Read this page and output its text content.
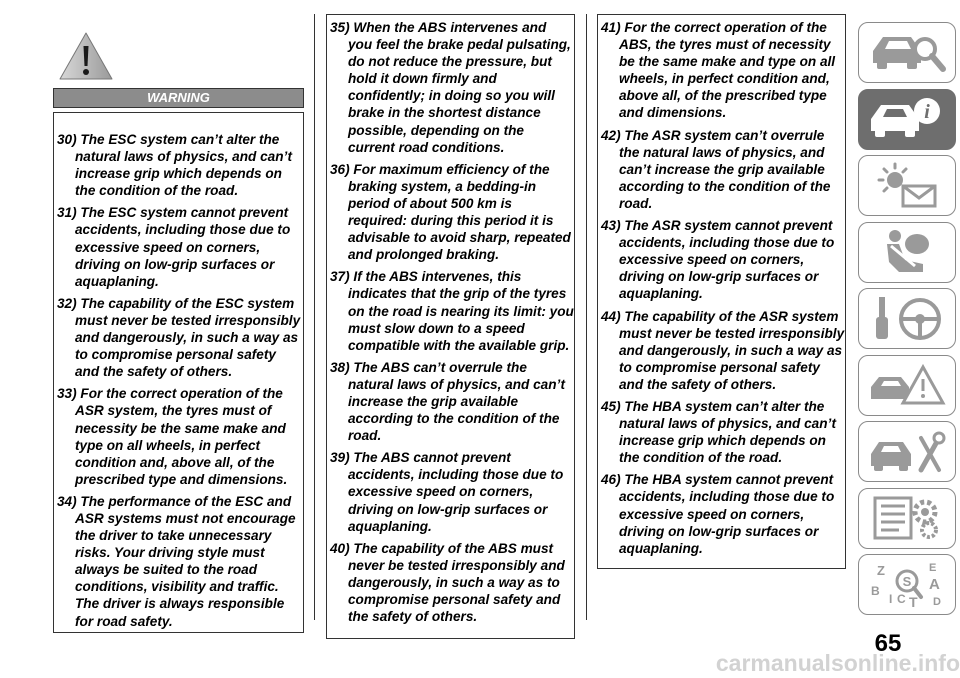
WARNING
30) The ESC system can’t alter the natural laws of physics, and can’t increase grip which depends on the condition of the road.
31) The ESC system cannot prevent accidents, including those due to excessive speed on corners, driving on low-grip surfaces or aquaplaning.
32) The capability of the ESC system must never be tested irresponsibly and dangerously, in such a way as to compromise personal safety and the safety of others.
33) For the correct operation of the ASR system, the tyres must of necessity be the same make and type on all wheels, in perfect condition and, above all, of the prescribed type and dimensions.
34) The performance of the ESC and ASR systems must not encourage the driver to take unnecessary risks. Your driving style must always be suited to the road conditions, visibility and traffic. The driver is always responsible for road safety.
35) When the ABS intervenes and you feel the brake pedal pulsating, do not reduce the pressure, but hold it down firmly and confidently; in doing so you will brake in the shortest distance possible, depending on the current road conditions.
36) For maximum efficiency of the braking system, a bedding-in period of about 500 km is required: during this period it is advisable to avoid sharp, repeated and prolonged braking.
37) If the ABS intervenes, this indicates that the grip of the tyres on the road is nearing its limit: you must slow down to a speed compatible with the available grip.
38) The ABS can’t overrule the natural laws of physics, and can’t increase the grip available according to the condition of the road.
39) The ABS cannot prevent accidents, including those due to excessive speed on corners, driving on low-grip surfaces or aquaplaning.
40) The capability of the ABS must never be tested irresponsibly and dangerously, in such a way as to compromise personal safety and the safety of others.
41) For the correct operation of the ABS, the tyres must of necessity be the same make and type on all wheels, in perfect condition and, above all, of the prescribed type and dimensions.
42) The ASR system can’t overrule the natural laws of physics, and can’t increase the grip available according to the condition of the road.
43) The ASR system cannot prevent accidents, including those due to excessive speed on corners, driving on low-grip surfaces or aquaplaning.
44) The capability of the ASR system must never be tested irresponsibly and dangerously, in such a way as to compromise personal safety and the safety of others.
45) The HBA system can’t alter the natural laws of physics, and can’t increase grip which depends on the condition of the road.
46) The HBA system cannot prevent accidents, including those due to excessive speed on corners, driving on low-grip surfaces or aquaplaning.
i
S
Z	E
A
B
I C T D
65
carmanualsonline.info
